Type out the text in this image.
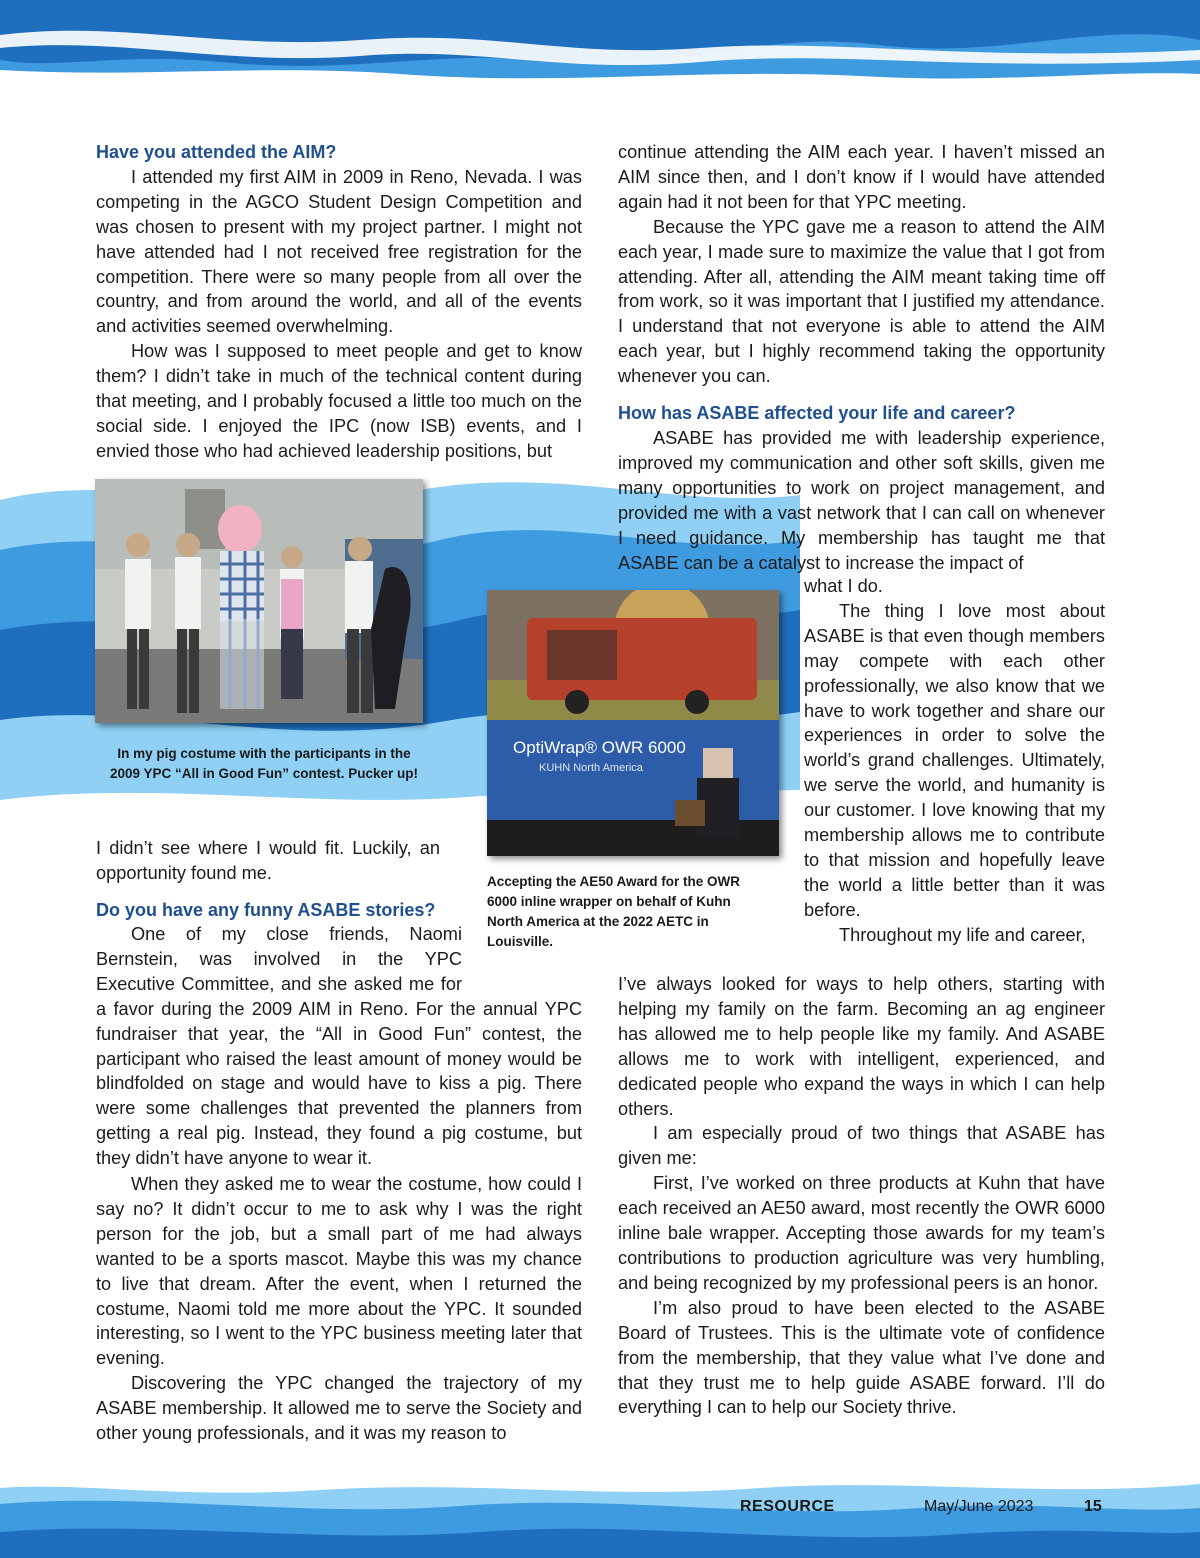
Have you attended the AIM?

I attended my first AIM in 2009 in Reno, Nevada. I was competing in the AGCO Student Design Competition and was chosen to present with my project partner. I might not have attended had I not received free registration for the competition. There were so many people from all over the country, and from around the world, and all of the events and activities seemed overwhelming.

How was I supposed to meet people and get to know them? I didn’t take in much of the technical content during that meeting, and I probably focused a little too much on the social side. I enjoyed the IPC (now ISB) events, and I envied those who had achieved leadership positions, but

In my pig costume with the participants in the 2009 YPC “All in Good Fun” contest. Pucker up!
OptiWrap® OWR 6000
KUHN North America
Accepting the AE50 Award for the OWR 6000 inline wrapper on behalf of Kuhn North America at the 2022 AETC in Louisville.

I didn’t see where I would fit. Luckily, an opportunity found me.

Do you have any funny ASABE stories?

One of my close friends, Naomi Bernstein, was involved in the YPC Executive Committee, and she asked me for a favor during the 2009 AIM in Reno. For the annual YPC fundraiser that year, the “All in Good Fun” contest, the participant who raised the least amount of money would be blindfolded on stage and would have to kiss a pig. There were some challenges that prevented the planners from getting a real pig. Instead, they found a pig costume, but they didn’t have anyone to wear it.

continue attending the AIM each year. I haven’t missed an AIM since then, and I don’t know if I would have attended again had it not been for that YPC meeting.

Because the YPC gave me a reason to attend the AIM each year, I made sure to maximize the value that I got from attending. After all, attending the AIM meant taking time off from work, so it was important that I justified my attendance. I understand that not everyone is able to attend the AIM each year, but I highly recommend taking the opportunity whenever you can.

How has ASABE affected your life and career?

ASABE has provided me with leadership experience, improved my communication and other soft skills, given me many opportunities to work on project management, and provided me with a vast network that I can call on whenever I need guidance. My membership has taught me that ASABE can be a catalyst to increase the impact of

what I do.

The thing I love most about ASABE is that even though members may compete with each other professionally, we also know that we have to work together and share our experiences in order to solve the world’s grand challenges. Ultimately, we serve the world, and humanity is our customer. I love knowing that my membership allows me to contribute to that mission and hopefully leave the world a little better than it was before.

Throughout my life and career,

I’ve always looked for ways to help others, starting with helping my family on the farm. Becoming an ag engineer has allowed me to help people like my family. And ASABE allows me to work with intelligent, experienced, and dedicated people who expand the ways in which I can help others.

I am especially proud of two things that ASABE has given me:

First, I’ve worked on three products at Kuhn that have each received an AE50 award, most recently the OWR 6000 inline bale wrapper. Accepting those awards for my team’s contributions to production agriculture was very humbling, and being recognized by my professional peers is an honor.

I’m also proud to have been elected to the ASABE Board of Trustees. This is the ultimate vote of confidence from the membership, that they value what I’ve done and that they trust me to help guide ASABE forward. I’ll do everything I can to help our Society thrive.

RESOURCE	May/June 2023	15

When they asked me to wear the costume, how could I say no? It didn’t occur to me to ask why I was the right person for the job, but a small part of me had always wanted to be a sports mascot. Maybe this was my chance to live that dream. After the event, when I returned the costume, Naomi told me more about the YPC. It sounded interesting, so I went to the YPC business meeting later that evening.

Discovering the YPC changed the trajectory of my ASABE membership. It allowed me to serve the Society and other young professionals, and it was my reason to
